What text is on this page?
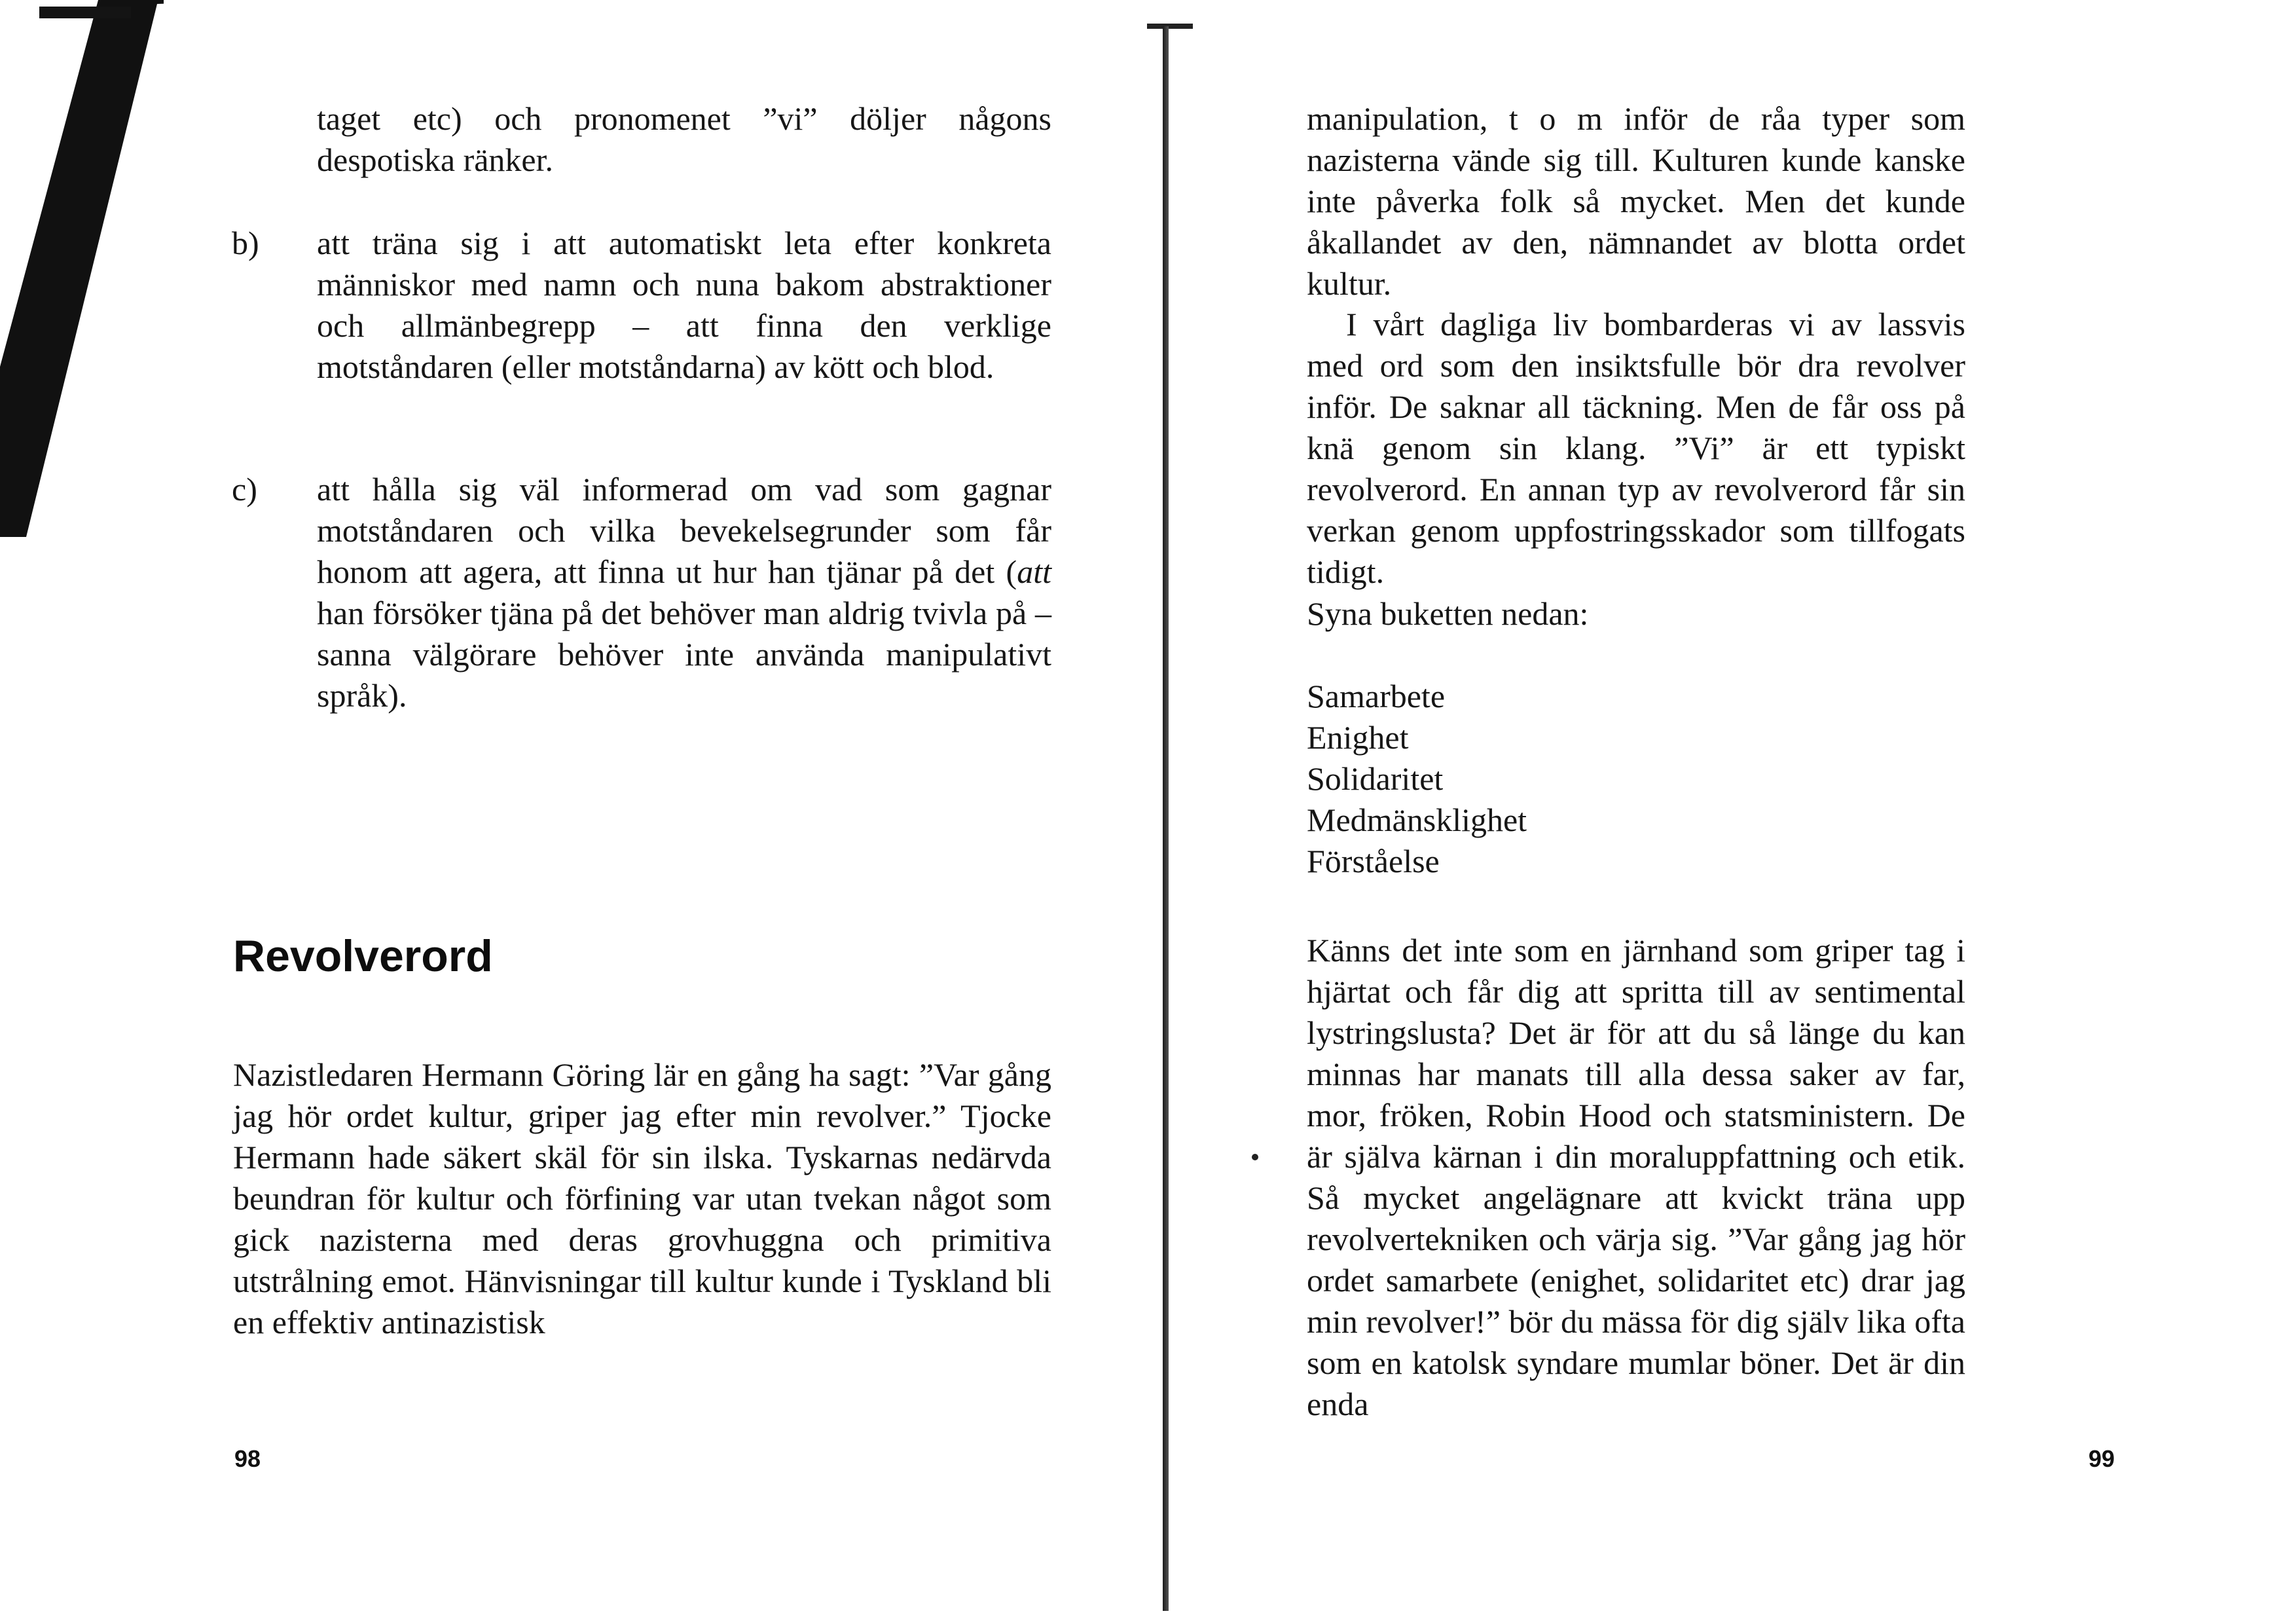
taget etc) och pronomenet ”vi” döljer någons despotiska ränker.

b) att träna sig i att automatiskt leta efter konkreta människor med namn och nuna bakom abstraktioner och allmänbegrepp – att finna den verklige motståndaren (eller motståndarna) av kött och blod.

c) att hålla sig väl informerad om vad som gagnar motståndaren och vilka bevekelsegrunder som får honom att agera, att finna ut hur han tjänar på det (att han försöker tjäna på det behöver man aldrig tvivla på – sanna välgörare behöver inte använda manipulativt språk).

Revolverord

Nazistledaren Hermann Göring lär en gång ha sagt: ”Var gång jag hör ordet kultur, griper jag efter min revolver.” Tjocke Hermann hade säkert skäl för sin ilska. Tyskarnas nedärvda beundran för kultur och förfining var utan tvekan något som gick nazisterna med deras grovhuggna och primitiva utstrålning emot. Hänvisningar till kultur kunde i Tyskland bli en effektiv antinazistisk

98

manipulation, t o m inför de råa typer som nazisterna vände sig till. Kulturen kunde kanske inte påverka folk så mycket. Men det kunde åkallandet av den, nämnandet av blotta ordet kultur.

I vårt dagliga liv bombarderas vi av lassvis med ord som den insiktsfulle bör dra revolver inför. De saknar all täckning. Men de får oss på knä genom sin klang. ”Vi” är ett typiskt revolverord. En annan typ av revolverord får sin verkan genom uppfostringsskador som tillfogats tidigt.

Syna buketten nedan:

Samarbete
Enighet
Solidaritet
Medmänsklighet
Förståelse

Känns det inte som en järnhand som griper tag i hjärtat och får dig att spritta till av sentimental lystringslusta? Det är för att du så länge du kan minnas har manats till alla dessa saker av far, mor, fröken, Robin Hood och statsministern. De är själva kärnan i din moraluppfattning och etik. Så mycket angelägnare att kvickt träna upp revolvertekniken och värja sig. ”Var gång jag hör ordet samarbete (enighet, solidaritet etc) drar jag min revolver!” bör du mässa för dig själv lika ofta som en katolsk syndare mumlar böner. Det är din enda

99
